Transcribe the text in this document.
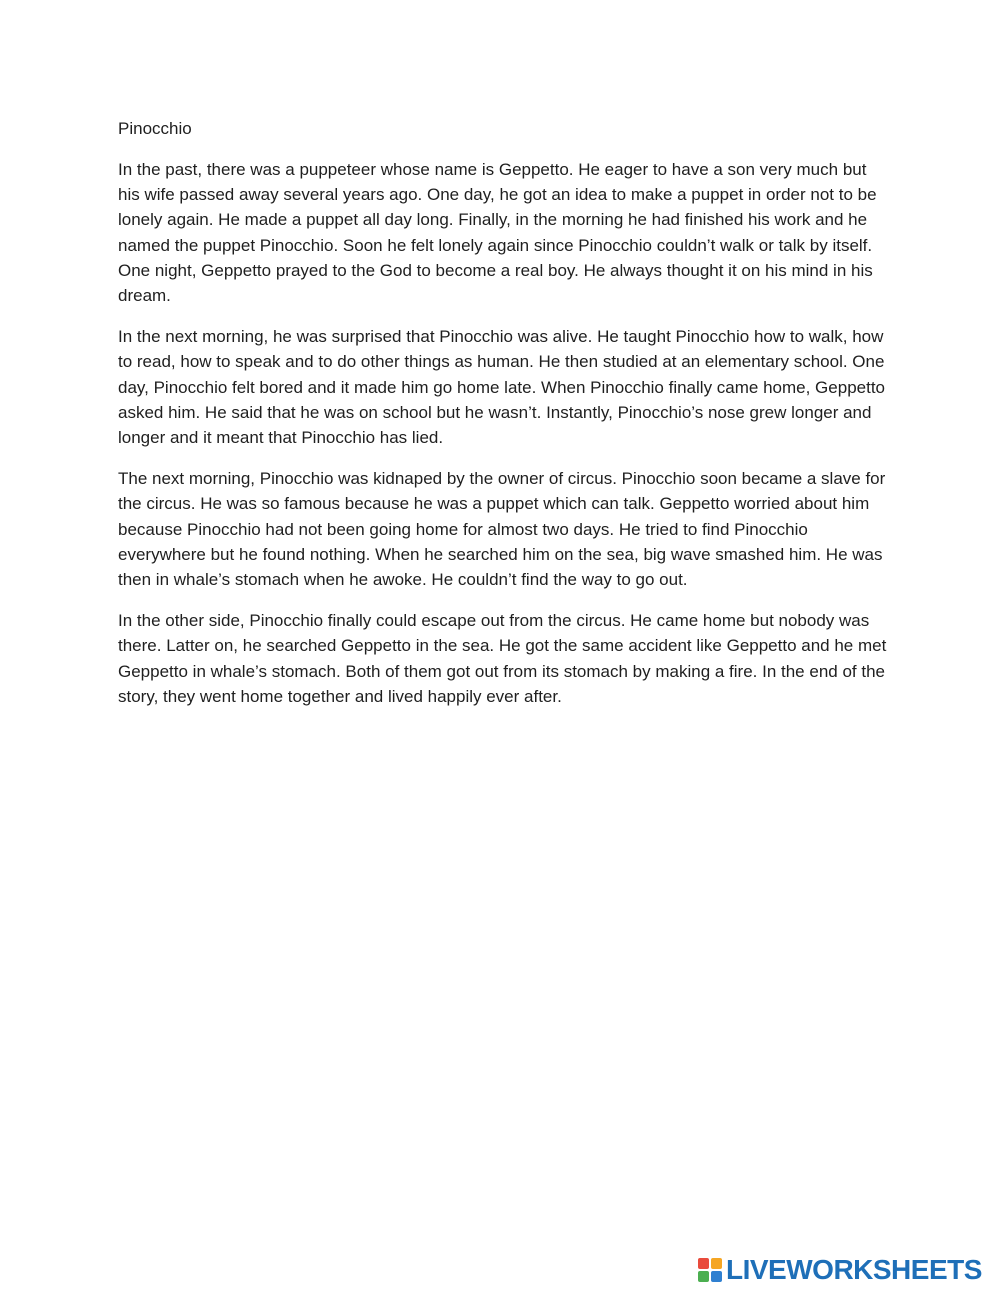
Pinocchio

In the past, there was a puppeteer whose name is Geppetto. He eager to have a son very much but his wife passed away several years ago. One day, he got an idea to make a puppet in order not to be lonely again. He made a puppet all day long. Finally, in the morning he had finished his work and he named the puppet Pinocchio. Soon he felt lonely again since Pinocchio couldn’t walk or talk by itself. One night, Geppetto prayed to the God to become a real boy. He always thought it on his mind in his dream.

In the next morning, he was surprised that Pinocchio was alive. He taught Pinocchio how to walk, how to read, how to speak and to do other things as human. He then studied at an elementary school. One day, Pinocchio felt bored and it made him go home late. When Pinocchio finally came home, Geppetto asked him. He said that he was on school but he wasn’t. Instantly, Pinocchio’s nose grew longer and longer and it meant that Pinocchio has lied.

The next morning, Pinocchio was kidnaped by the owner of circus. Pinocchio soon became a slave for the circus. He was so famous because he was a puppet which can talk. Geppetto worried about him because Pinocchio had not been going home for almost two days. He tried to find Pinocchio everywhere but he found nothing. When he searched him on the sea, big wave smashed him. He was then in whale’s stomach when he awoke. He couldn’t find the way to go out.

In the other side, Pinocchio finally could escape out from the circus. He came home but nobody was there. Latter on, he searched Geppetto in the sea. He got the same accident like Geppetto and he met Geppetto in whale’s stomach. Both of them got out from its stomach by making a fire. In the end of the story, they went home together and lived happily ever after.

LIVEWORKSHEETS
